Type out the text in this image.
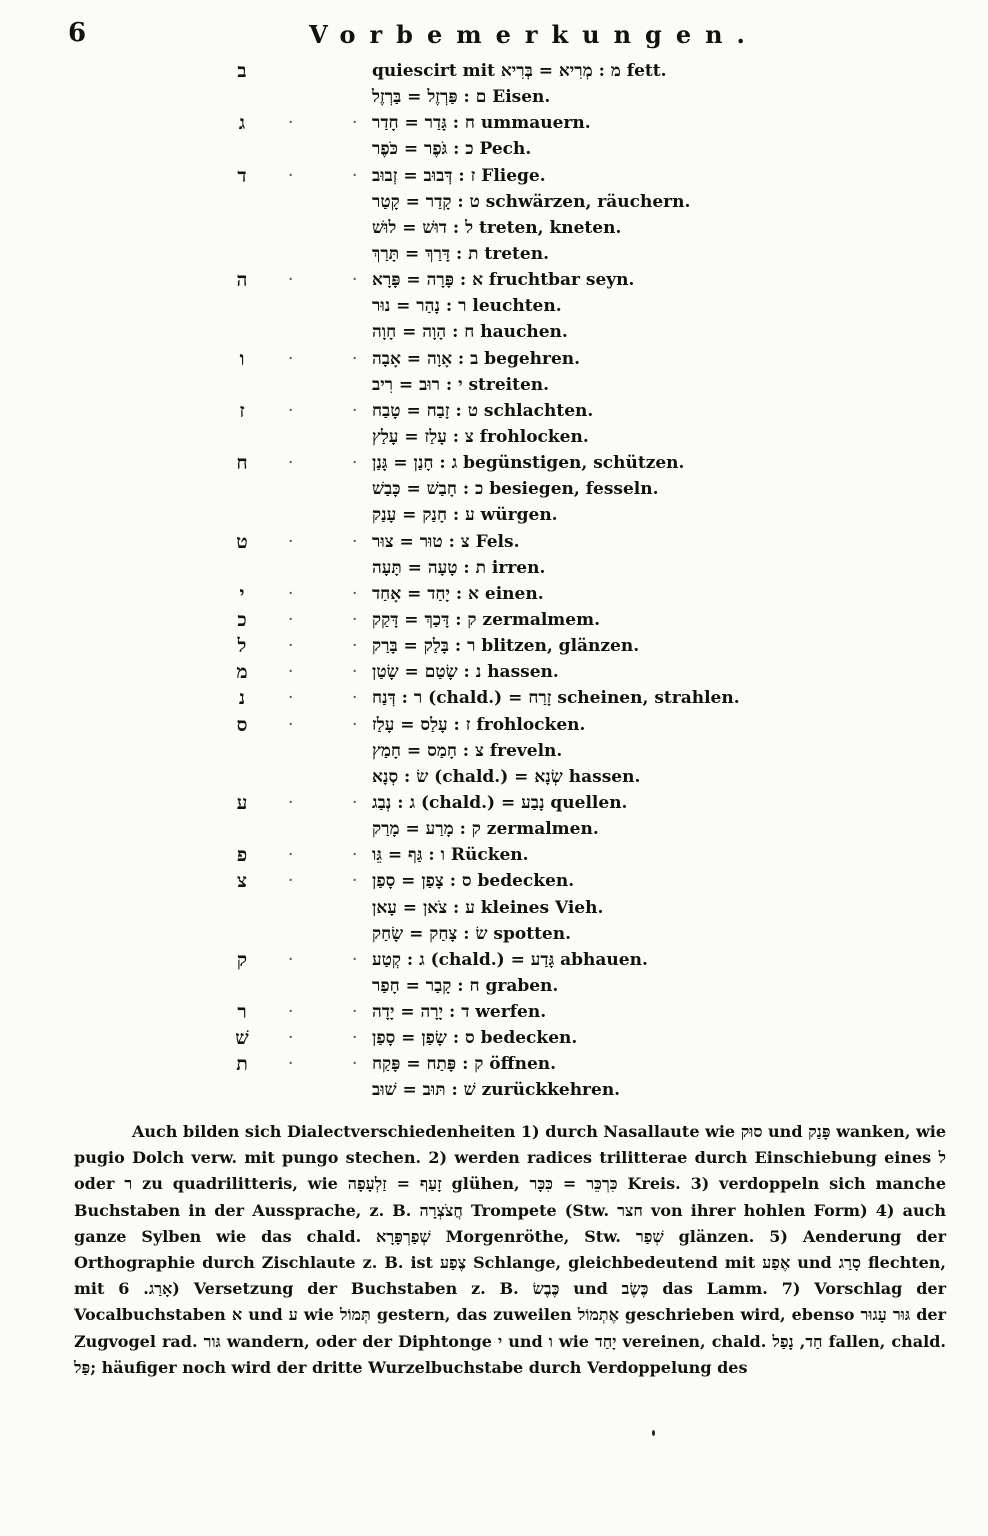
6	Vorbemerkungen.
ב	quiescirt mit מ : מְרִיא = בְּרִיא fett.
ם : פַּרְזֶל = בַּרְזֶל Eisen.
ג	·	· ח : גָּדַר = חָדַר ummauern.
כ : גֹּפֶר = כֹּפֶר Pech.
ד	·	· ז : דְּבוּב = זְבוּב Fliege.
ט : קָדַר = קָטַר schwärzen, räuchern.
ל : דוּשׁ = לוּשׁ treten, kneten.
ת : דָּרַךְ = תָּרַךְ treten.
ה	·	· א : פָּרָה = פָּרָא fruchtbar seyn.
ר : נָהַר = נוּר leuchten.
ח : הָוָה = חָוָה hauchen.
ו	·	· ב : אָוָה = אָבָה begehren.
י : רוּב = רִיב streiten.
ז	·	· ט : זָבַח = טָבַח schlachten.
צ : עָלַז = עָלַץ frohlocken.
ח	·	· ג : חָנַן = גָּנַן begünstigen, schützen.
כ : חָבַשׁ = כָּבַשׁ besiegen, fesseln.
ע : חָנַק = עָנַק würgen.
ט	·	· צ : טוּר = צוּר Fels.
ת : טָעָה = תָּעָה irren.
י	·	· א : יָחַד = אָחַד einen.
כ	·	· ק : דָּכַךְ = דָּקַק zermalmem.
ל	·	· ר : בָּלַק = בָּרַק blitzen, glänzen.
מ	·	· נ : שָׂטַם = שָׂטַן hassen.
נ	·	· ר : דְּנַח (chald.) = זָרַח scheinen, strahlen.
ס	·	· ז : עָלַס = עָלַז frohlocken.
צ : חָמַס = חָמַץ freveln.
שׂ : סְנָא (chald.) = שְׂנָא hassen.
ע	·	· ג : נְבַג (chald.) = נָבַע quellen.
ק : מָרַע = מָרַק zermalmen.
פ	·	· ו : גַּף = גֵּו Rücken.
צ	·	· ס : צָפַן = סָפַן bedecken.
ע : צֹאן = עָאן kleines Vieh.
שׂ : צָחַק = שָׂחַק spotten.
ק	·	· ג : קְטַע (chald.) = גָּדַע abhauen.
ח : קָבַר = חָפַר graben.
ר	·	· ד : יָרָה = יָדָה werfen.
שׁ	·	· ס : שָׂפַן = סָפַן bedecken.
ת	·	· ק : פָּתַח = פָּקַח öffnen.
שׁ : תּוּב = שׁוּב zurückkehren.

Auch bilden sich Dialectverschiedenheiten 1) durch Nasallaute wie סוּק und פָּנַק wanken, wie pugio Dolch verw. mit pungo stechen. 2) werden radices trilitterae durch Einschiebung eines ל oder ר zu quadrilitteris, wie זָעַף = זַלְעָפָה glühen, כִּרְכֵּר = כִּכָּר Kreis. 3) verdoppeln sich manche Buchstaben in der Aussprache, z. B. חֲצֹצְרָה Trompete (Stw. חצר von ihrer hohlen Form) 4) auch ganze Sylben wie das chald. שְׁפַרְפָּרָא Morgenröthe, Stw. שְׁפַר glänzen. 5) Aenderung der Orthographie durch Zischlaute z. B. ist צֶפַע Schlange, gleichbedeutend mit אֶפַע und סָרַג flechten, mit אָרַג. 6) Versetzung der Buchstaben z. B. כֶּבֶשׂ und כֶּשֶׂב das Lamm. 7) Vorschlag der Vocalbuchstaben א und ע wie תְּמוֹל gestern, das zuweilen אֶתְמוֹל geschrieben wird, ebenso גּוּר עָגוּר der Zugvogel rad. גּור wandern, oder der Diphtonge י und ו wie יָחַד vereinen, chald. חַד, נָפַל fallen, chald. פַּל; häufiger noch wird der dritte Wurzelbuchstabe durch Verdoppelung des
